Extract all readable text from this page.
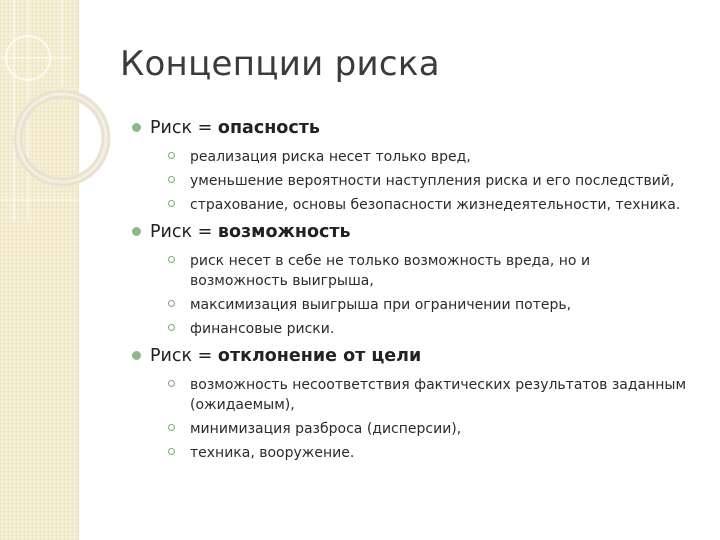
Концепции риска
Риск = опасность
реализация риска несет только вред,
уменьшение вероятности наступления риска и его последствий,
страхование, основы безопасности жизнедеятельности, техника.
Риск = возможность
риск несет в себе не только возможность вреда, но и возможность выигрыша,
максимизация выигрыша при ограничении потерь,
финансовые риски.
Риск = отклонение от цели
возможность несоответствия фактических результатов заданным (ожидаемым),
минимизация разброса (дисперсии),
техника, вооружение.
